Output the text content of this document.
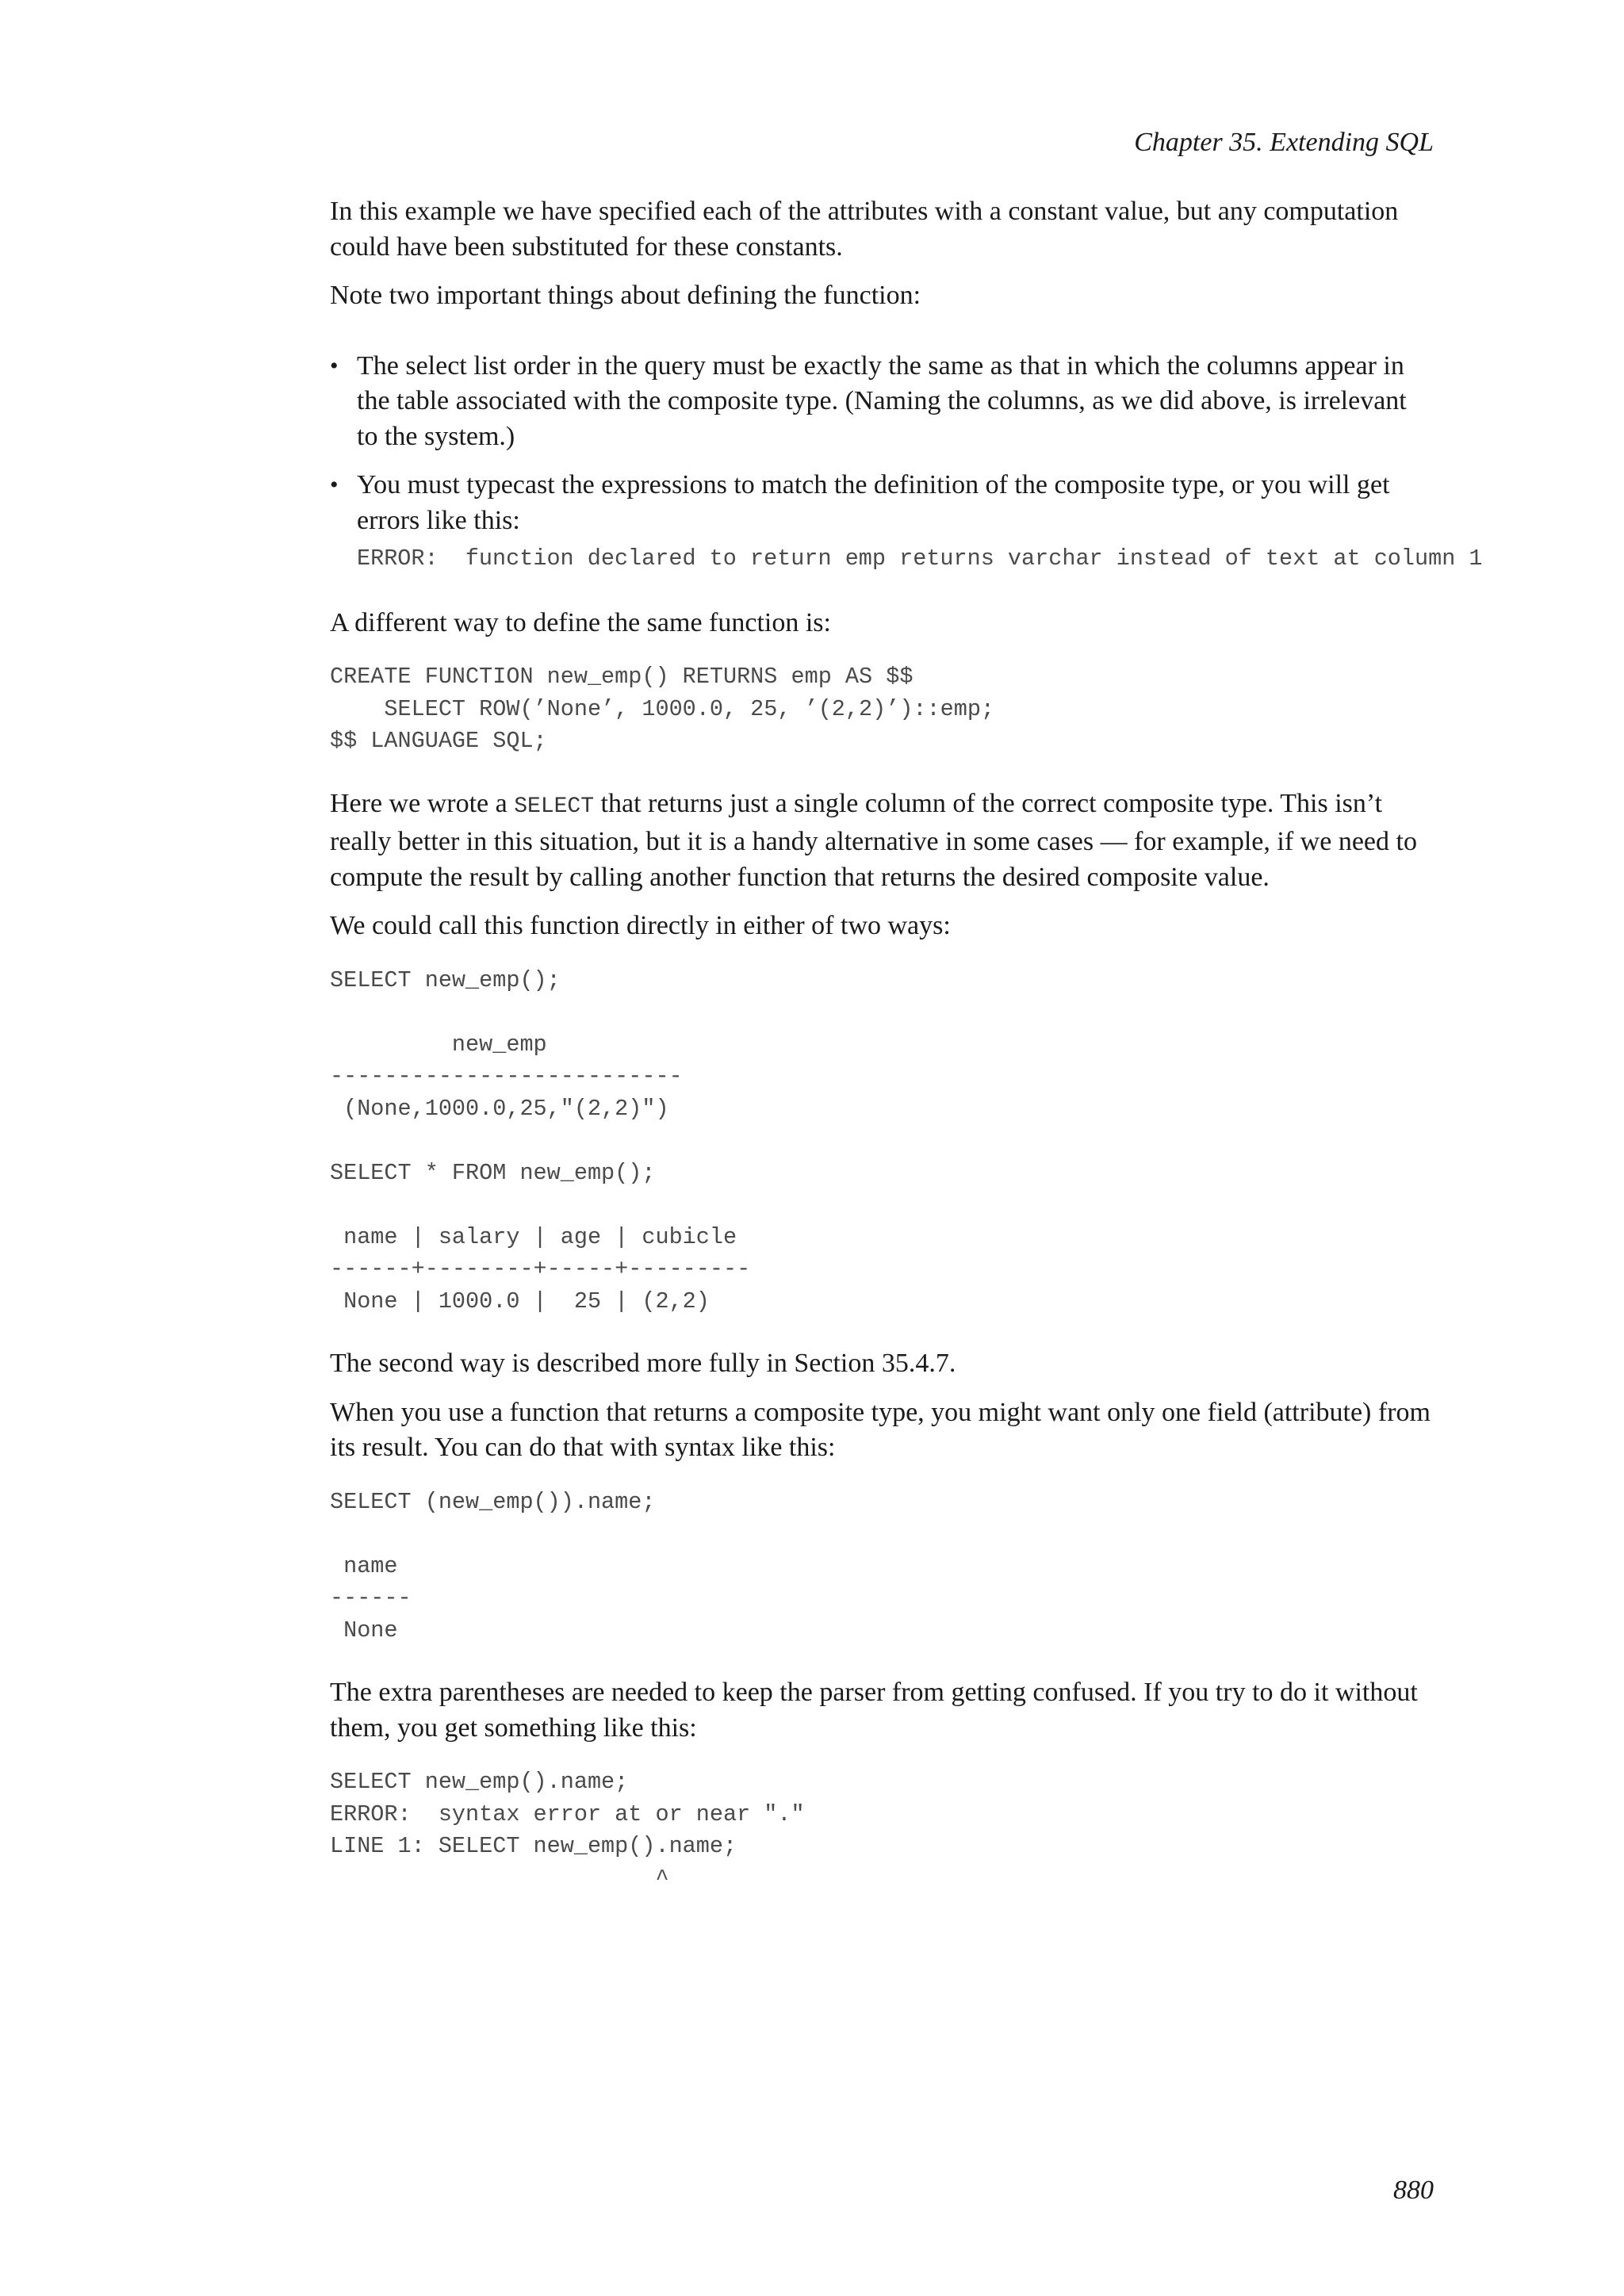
Chapter 35. Extending SQL

In this example we have specified each of the attributes with a constant value, but any computation could have been substituted for these constants.

Note two important things about defining the function:

• The select list order in the query must be exactly the same as that in which the columns appear in the table associated with the composite type. (Naming the columns, as we did above, is irrelevant to the system.)
• You must typecast the expressions to match the definition of the composite type, or you will get errors like this:
ERROR:  function declared to return emp returns varchar instead of text at column 1

A different way to define the same function is:

CREATE FUNCTION new_emp() RETURNS emp AS $$
SELECT ROW(’None’, 1000.0, 25, ’(2,2)’)::emp;
$$ LANGUAGE SQL;

Here we wrote a SELECT that returns just a single column of the correct composite type. This isn’t really better in this situation, but it is a handy alternative in some cases — for example, if we need to compute the result by calling another function that returns the desired composite value.

We could call this function directly in either of two ways:

SELECT new_emp();

new_emp
--------------------------
(None,1000.0,25,"(2,2)")

SELECT * FROM new_emp();

name | salary | age | cubicle
------+--------+-----+---------
None | 1000.0 |  25 | (2,2)

The second way is described more fully in Section 35.4.7.

When you use a function that returns a composite type, you might want only one field (attribute) from its result. You can do that with syntax like this:

SELECT (new_emp()).name;

name
------
None

The extra parentheses are needed to keep the parser from getting confused. If you try to do it without them, you get something like this:

SELECT new_emp().name;
ERROR:  syntax error at or near "."
LINE 1: SELECT new_emp().name;
^
880
